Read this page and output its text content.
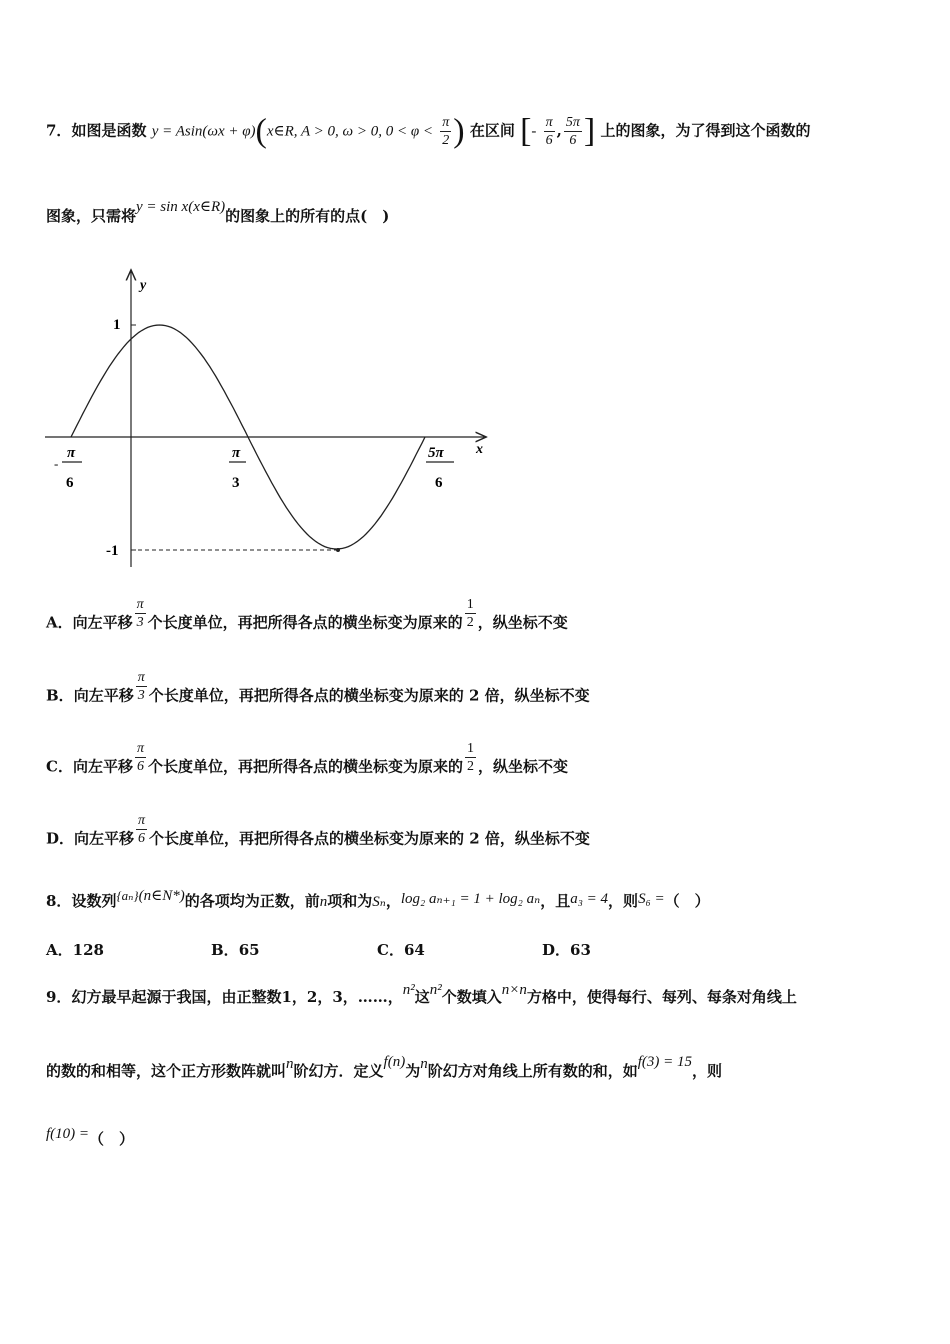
7．如图是函数 y = Asin(ωx + φ)(x∈R, A > 0, ω > 0, $0 < \varphi < \frac{\pi}{2}$ ) 在区间 [- $\frac{\pi}{6}$ , $\frac{5\pi}{6}$ ] 上的图象，为了得到这个函数的
图象，只需将y = sin x(x∈R)的图象上的所有的点(　)
y
x
1
-1
-
π
6
π
3
5π
6
A．向左平移 $\frac{\pi}{3}$ 个长度单位，再把所得各点的横坐标变为原来的 $\frac{1}{2}$ ，纵坐标不变
B．向左平移 $\frac{\pi}{3}$ 个长度单位，再把所得各点的横坐标变为原来的 2 倍，纵坐标不变
C．向左平移 $\frac{\pi}{6}$ 个长度单位，再把所得各点的横坐标变为原来的 $\frac{1}{2}$ ，纵坐标不变
D．向左平移 $\frac{\pi}{6}$ 个长度单位，再把所得各点的横坐标变为原来的 2 倍，纵坐标不变
8．设数列{aₙ}(n∈N*)的各项均为正数，前n项和为Sₙ，log₂ aₙ₊₁ = 1 + log₂ aₙ，且a₃ = 4，则S₆ =（　）
A．128	B．65	C．64	D．63
9．幻方最早起源于我国，由正整数1，2，3，……，n²这n²个数填入n×n方格中，使得每行、每列、每条对角线上
的数的和相等，这个正方形数阵就叫n阶幻方．定义f(n)为n阶幻方对角线上所有数的和，如f(3) = 15，则
f(10) =（　）
